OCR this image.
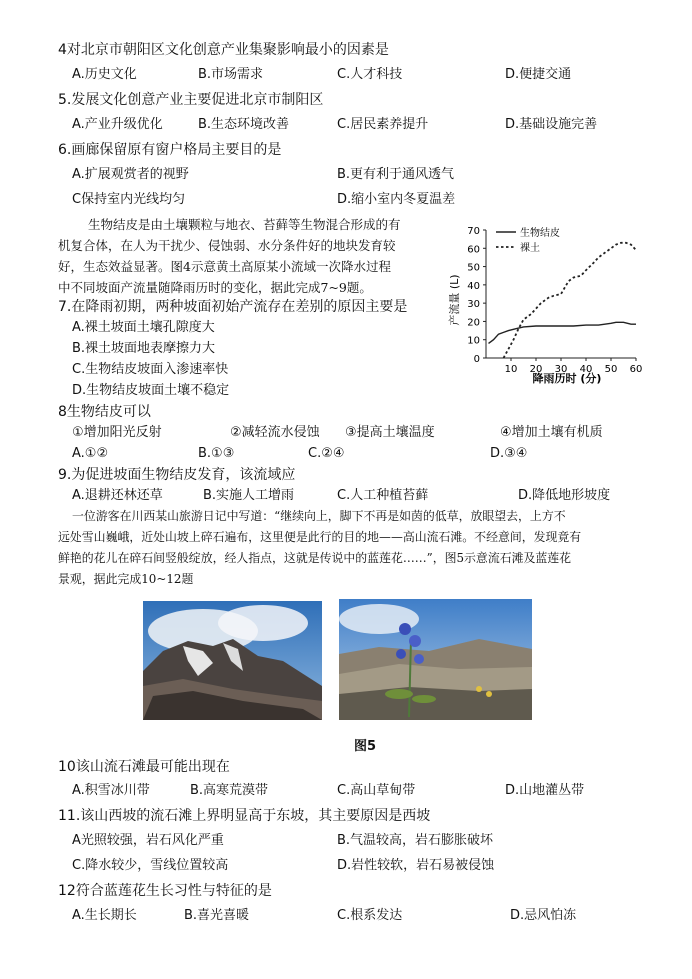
4对北京市朝阳区文化创意产业集聚影响最小的因素是
A.历史文化	B.市场需求	C.人才科技	D.便捷交通
5.发展文化创意产业主要促进北京市制阳区
A.产业升级优化	B.生态环境改善	C.居民素养提升	D.基础设施完善
6.画廊保留原有窗户格局主要目的是
A.扩展观赏者的视野	B.更有利于通风透气
C保持室内光线均匀	D.缩小室内冬夏温差
生物结皮是由土壤颗粒与地衣、苔藓等生物混合形成的有
机复合体，在人为干扰少、侵蚀弱、水分条件好的地块发育较
好，生态效益显著。图4示意黄土高原某小流域一次降水过程
中不同坡面产流量随降雨历时的变化，据此完成7~9题。
0
10
20
30
40
50
60
70
10 20 30 40 50 60
生物结皮
裸土
产流量 (L)
降雨历时 (分)
7.在降雨初期，两种坡面初始产流存在差别的原因主要是
A.裸土坡面土壤孔隙度大
B.裸土坡面地表摩擦力大
C.生物结皮坡面入渗速率快
D.生物结皮坡面土壤不稳定
8生物结皮可以
①增加阳光反射	②减轻流水侵蚀 ③提高土壤温度	④增加土壤有机质
A.①②	B.①③	C.②④	D.③④
9.为促进坡面生物结皮发育，该流域应
A.退耕还林还草	B.实施人工增雨	C.人工种植苔藓	D.降低地形坡度
一位游客在川西某山旅游日记中写道：“继续向上，脚下不再是如茵的低草，放眼望去，上方不
远处雪山巍峨，近处山坡上碎石遍布，这里便是此行的目的地——高山流石滩。不经意间，发现竟有
鲜艳的花儿在碎石间竖般绽放，经人指点，这就是传说中的蓝莲花……”，图5示意流石滩及蓝莲花
景观，据此完成10~12题
图5
10该山流石滩最可能出现在
A.积雪冰川带	B.高寒荒漠带	C.高山草甸带	D.山地灌丛带
11.该山西坡的流石滩上界明显高于东坡，其主要原因是西坡
A光照较强，岩石风化严重	B.气温较高，岩石膨胀破坏
C.降水较少，雪线位置较高	D.岩性较软，岩石易被侵蚀
12符合蓝莲花生长习性与特征的是
A.生长期长	B.喜光喜暖	C.根系发达	D.忌风怕冻
